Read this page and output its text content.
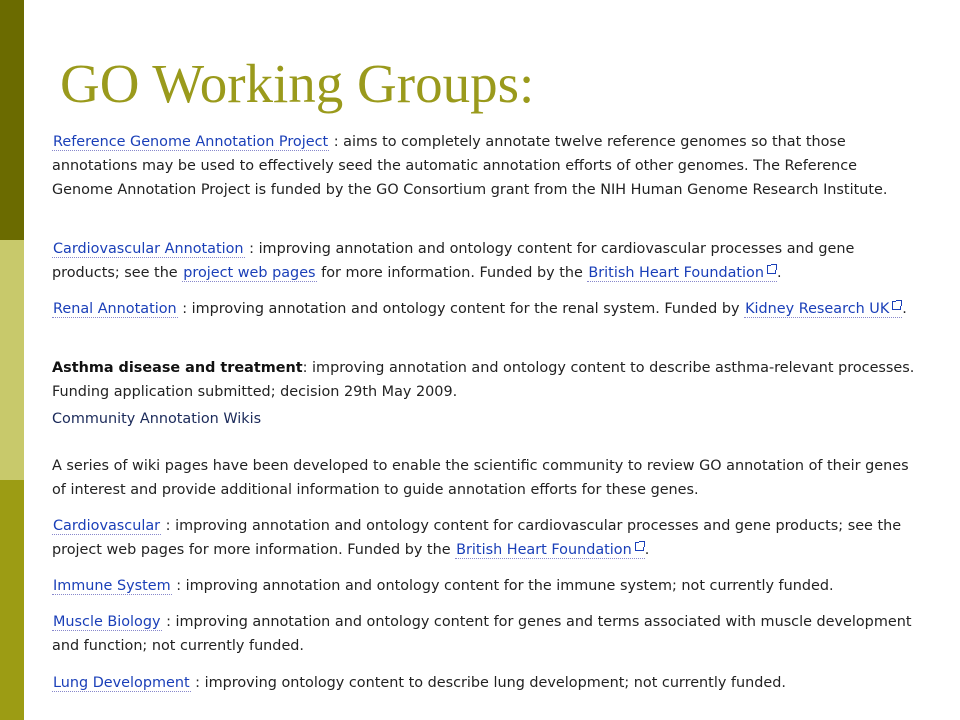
GO Working Groups:

Reference Genome Annotation Project : aims to completely annotate twelve reference genomes so that those annotations may be used to effectively seed the automatic annotation efforts of other genomes. The Reference Genome Annotation Project is funded by the GO Consortium grant from the NIH Human Genome Research Institute.

Cardiovascular Annotation : improving annotation and ontology content for cardiovascular processes and gene products; see the project web pages for more information. Funded by the British Heart Foundation .

Renal Annotation : improving annotation and ontology content for the renal system. Funded by Kidney Research UK .

Asthma disease and treatment: improving annotation and ontology content to describe asthma-relevant processes. Funding application submitted; decision 29th May 2009.

Community Annotation Wikis

A series of wiki pages have been developed to enable the scientific community to review GO annotation of their genes of interest and provide additional information to guide annotation efforts for these genes.

Cardiovascular : improving annotation and ontology content for cardiovascular processes and gene products; see the project web pages for more information. Funded by the British Heart Foundation .

Immune System : improving annotation and ontology content for the immune system; not currently funded.

Muscle Biology : improving annotation and ontology content for genes and terms associated with muscle development and function; not currently funded.

Lung Development : improving ontology content to describe lung development; not currently funded.
